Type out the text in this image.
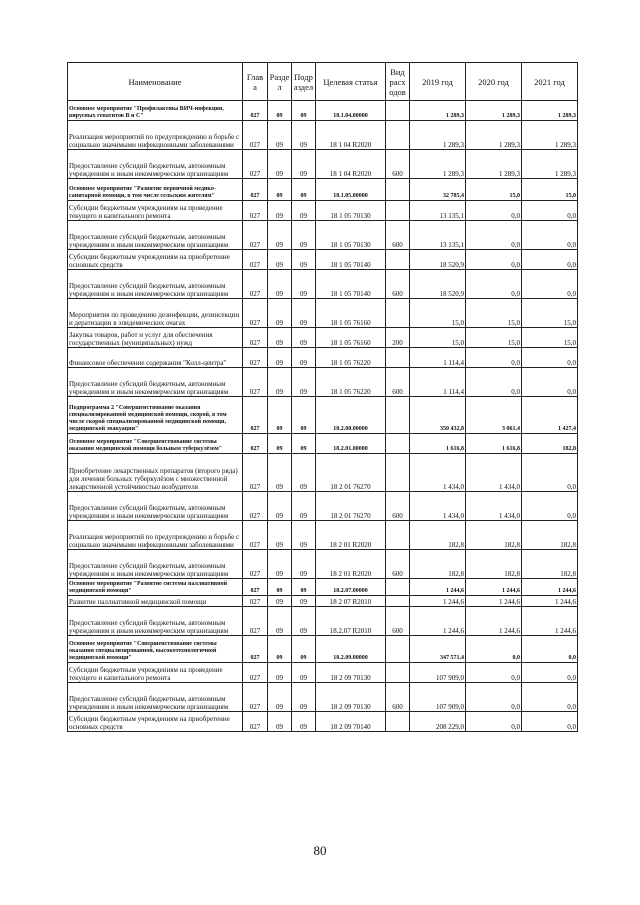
Наименование	Глав а	Разде л	Подр аздел	Целевая статья	Вид расх одов	2019 год	2020 год	2021 год
Основное мероприятие "Профилактика ВИЧ-инфекции, вирусных гепатитов В и С"	027	09	09	18.1.04.00000		1 289,3	1 289,3	1 289,3
Реализация мероприятий по предупреждению и борьбе с социально значимыми инфекционными заболеваниями	027	09	09	18 1 04 R2020		1 289,3	1 289,3	1 289,3
Предоставление субсидий бюджетным, автономным учреждениям и иным некоммерческим организациям	027	09	09	18 1 04 R2020	600	1 289,3	1 289,3	1 289,3
Основное мероприятие "Развитие первичной медико-санитарной помощи, в том числе сельским жителям"	027	09	09	18.1.05.00000		32 785,4	15,0	15,0
Субсидии бюджетным учреждениям на проведение текущего и капитального ремонта	027	09	09	18 1 05 70130		13 135,1	0,0	0,0
Предоставление субсидий бюджетным, автономным учреждениям и иным некоммерческим организациям	027	09	09	18 1 05 70130	600	13 135,1	0,0	0,0
Субсидии бюджетным учреждениям на приобретение основных средств	027	09	09	18 1 05 70140		18 520,9	0,0	0,0
Предоставление субсидий бюджетным, автономным учреждениям и иным некоммерческим организациям	027	09	09	18 1 05 70140	600	18 520,9	0,0	0,0
Мероприятия по проведению дезинфекции, дезинсекции и дератизации в эпидемических очагах	027	09	09	18 1 05 76160		15,0	15,0	15,0
Закупка товаров, работ и услуг для обеспечения государственных (муниципальных) нужд	027	09	09	18 1 05 76160	200	15,0	15,0	15,0
Финансовое обеспечение содержания "Колл-центра"	027	09	09	18 1 05 76220		1 114,4	0,0	0,0
Предоставление субсидий бюджетным, автономным учреждениям и иным некоммерческим организациям	027	09	09	18 1 05 76220	600	1 114,4	0,0	0,0
Подпрограмма 2 "Совершенствование оказания специализированной медицинской помощи, скорой, в том числе скорой специализированной медицинской помощи, медицинской эвакуации"	027	09	09	18.2.00.00000		350 432,8	3 061,4	1 427,4
Основное мероприятие "Совершенствование системы оказания медицинской помощи больным туберкулёзом"	027	09	09	18.2.01.00000		1 616,8	1 616,8	182,8
Приобретение лекарственных препаратов (второго ряда) для лечения больных туберкулёзом с множественной лекарственной устойчивостью возбудителя	027	09	09	18 2 01 76270		1 434,0	1 434,0	0,0
Предоставление субсидий бюджетным, автономным учреждениям и иным некоммерческим организациям	027	09	09	18 2 01 76270	600	1 434,0	1 434,0	0,0
Реализация мероприятий по предупреждению и борьбе с социально значимыми инфекционными заболеваниями	027	09	09	18 2 01 R2020		182,8	182,8	182,8
Предоставление субсидий бюджетным, автономным учреждениям и иным некоммерческим организациям	027	09	09	18 2 01 R2020	600	182,8	182,8	182,8
Основное мероприятие "Развитие системы паллиативной медицинской помощи"	027	09	09	18.2.07.00000		1 244,6	1 244,6	1 244,6
Развитие паллиативной медицинской помощи	027	09	09	18 2 07 R2010		1 244,6	1 244,6	1 244,6
Предоставление субсидий бюджетным, автономным учреждениям и иным некоммерческим организациям	027	09	09	18.2.07 R2010	600	1 244,6	1 244,6	1 244,6
Основное мероприятие "Совершенствование системы оказания специализированной, высокотехнологичной медицинской помощи"	027	09	09	18.2.09.00000		347 571,4	0,0	0,0
Субсидии бюджетным учреждениям на проведение текущего и капитального ремонта	027	09	09	18 2 09 70130		107 909,0	0,0	0,0
Предоставление субсидий бюджетным, автономным учреждениям и иным некоммерческим организациям	027	09	09	18 2 09 70130	600	107 909,0	0,0	0,0
Субсидии бюджетным учреждениям на приобретение основных средств	027	09	09	18 2 09 70140		208 229,0	0,0	0,0
80
